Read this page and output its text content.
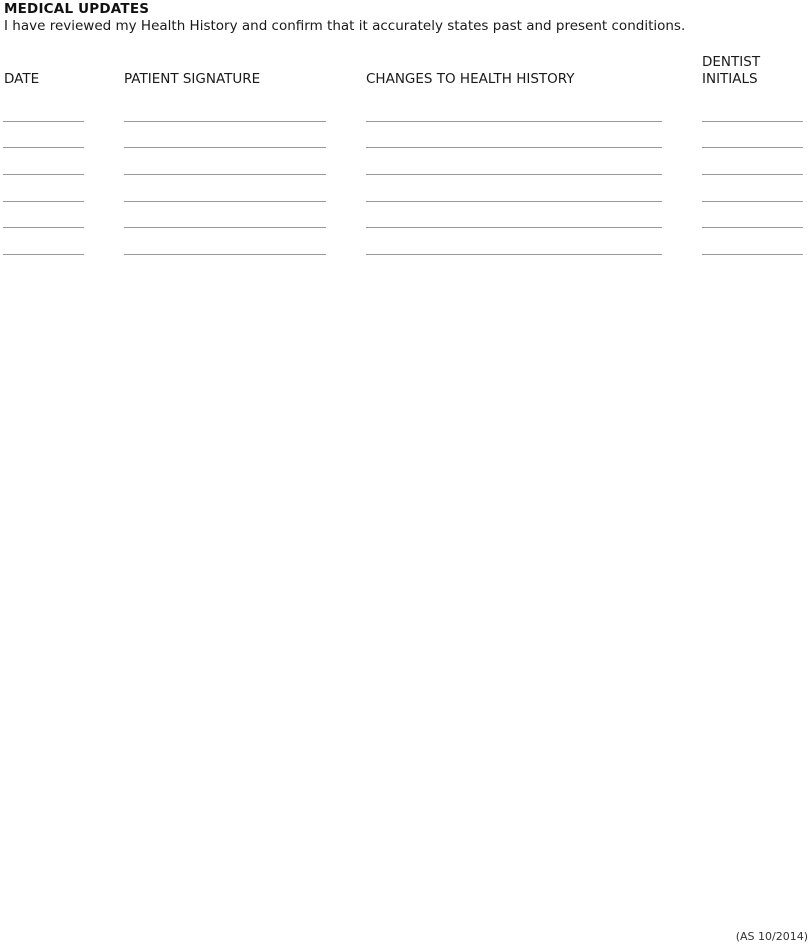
MEDICAL UPDATES
I have reviewed my Health History and confirm that it accurately states past and present conditions.
DATE	PATIENT SIGNATURE	CHANGES TO HEALTH HISTORY
DENTIST
INITIALS
(AS 10/2014)
